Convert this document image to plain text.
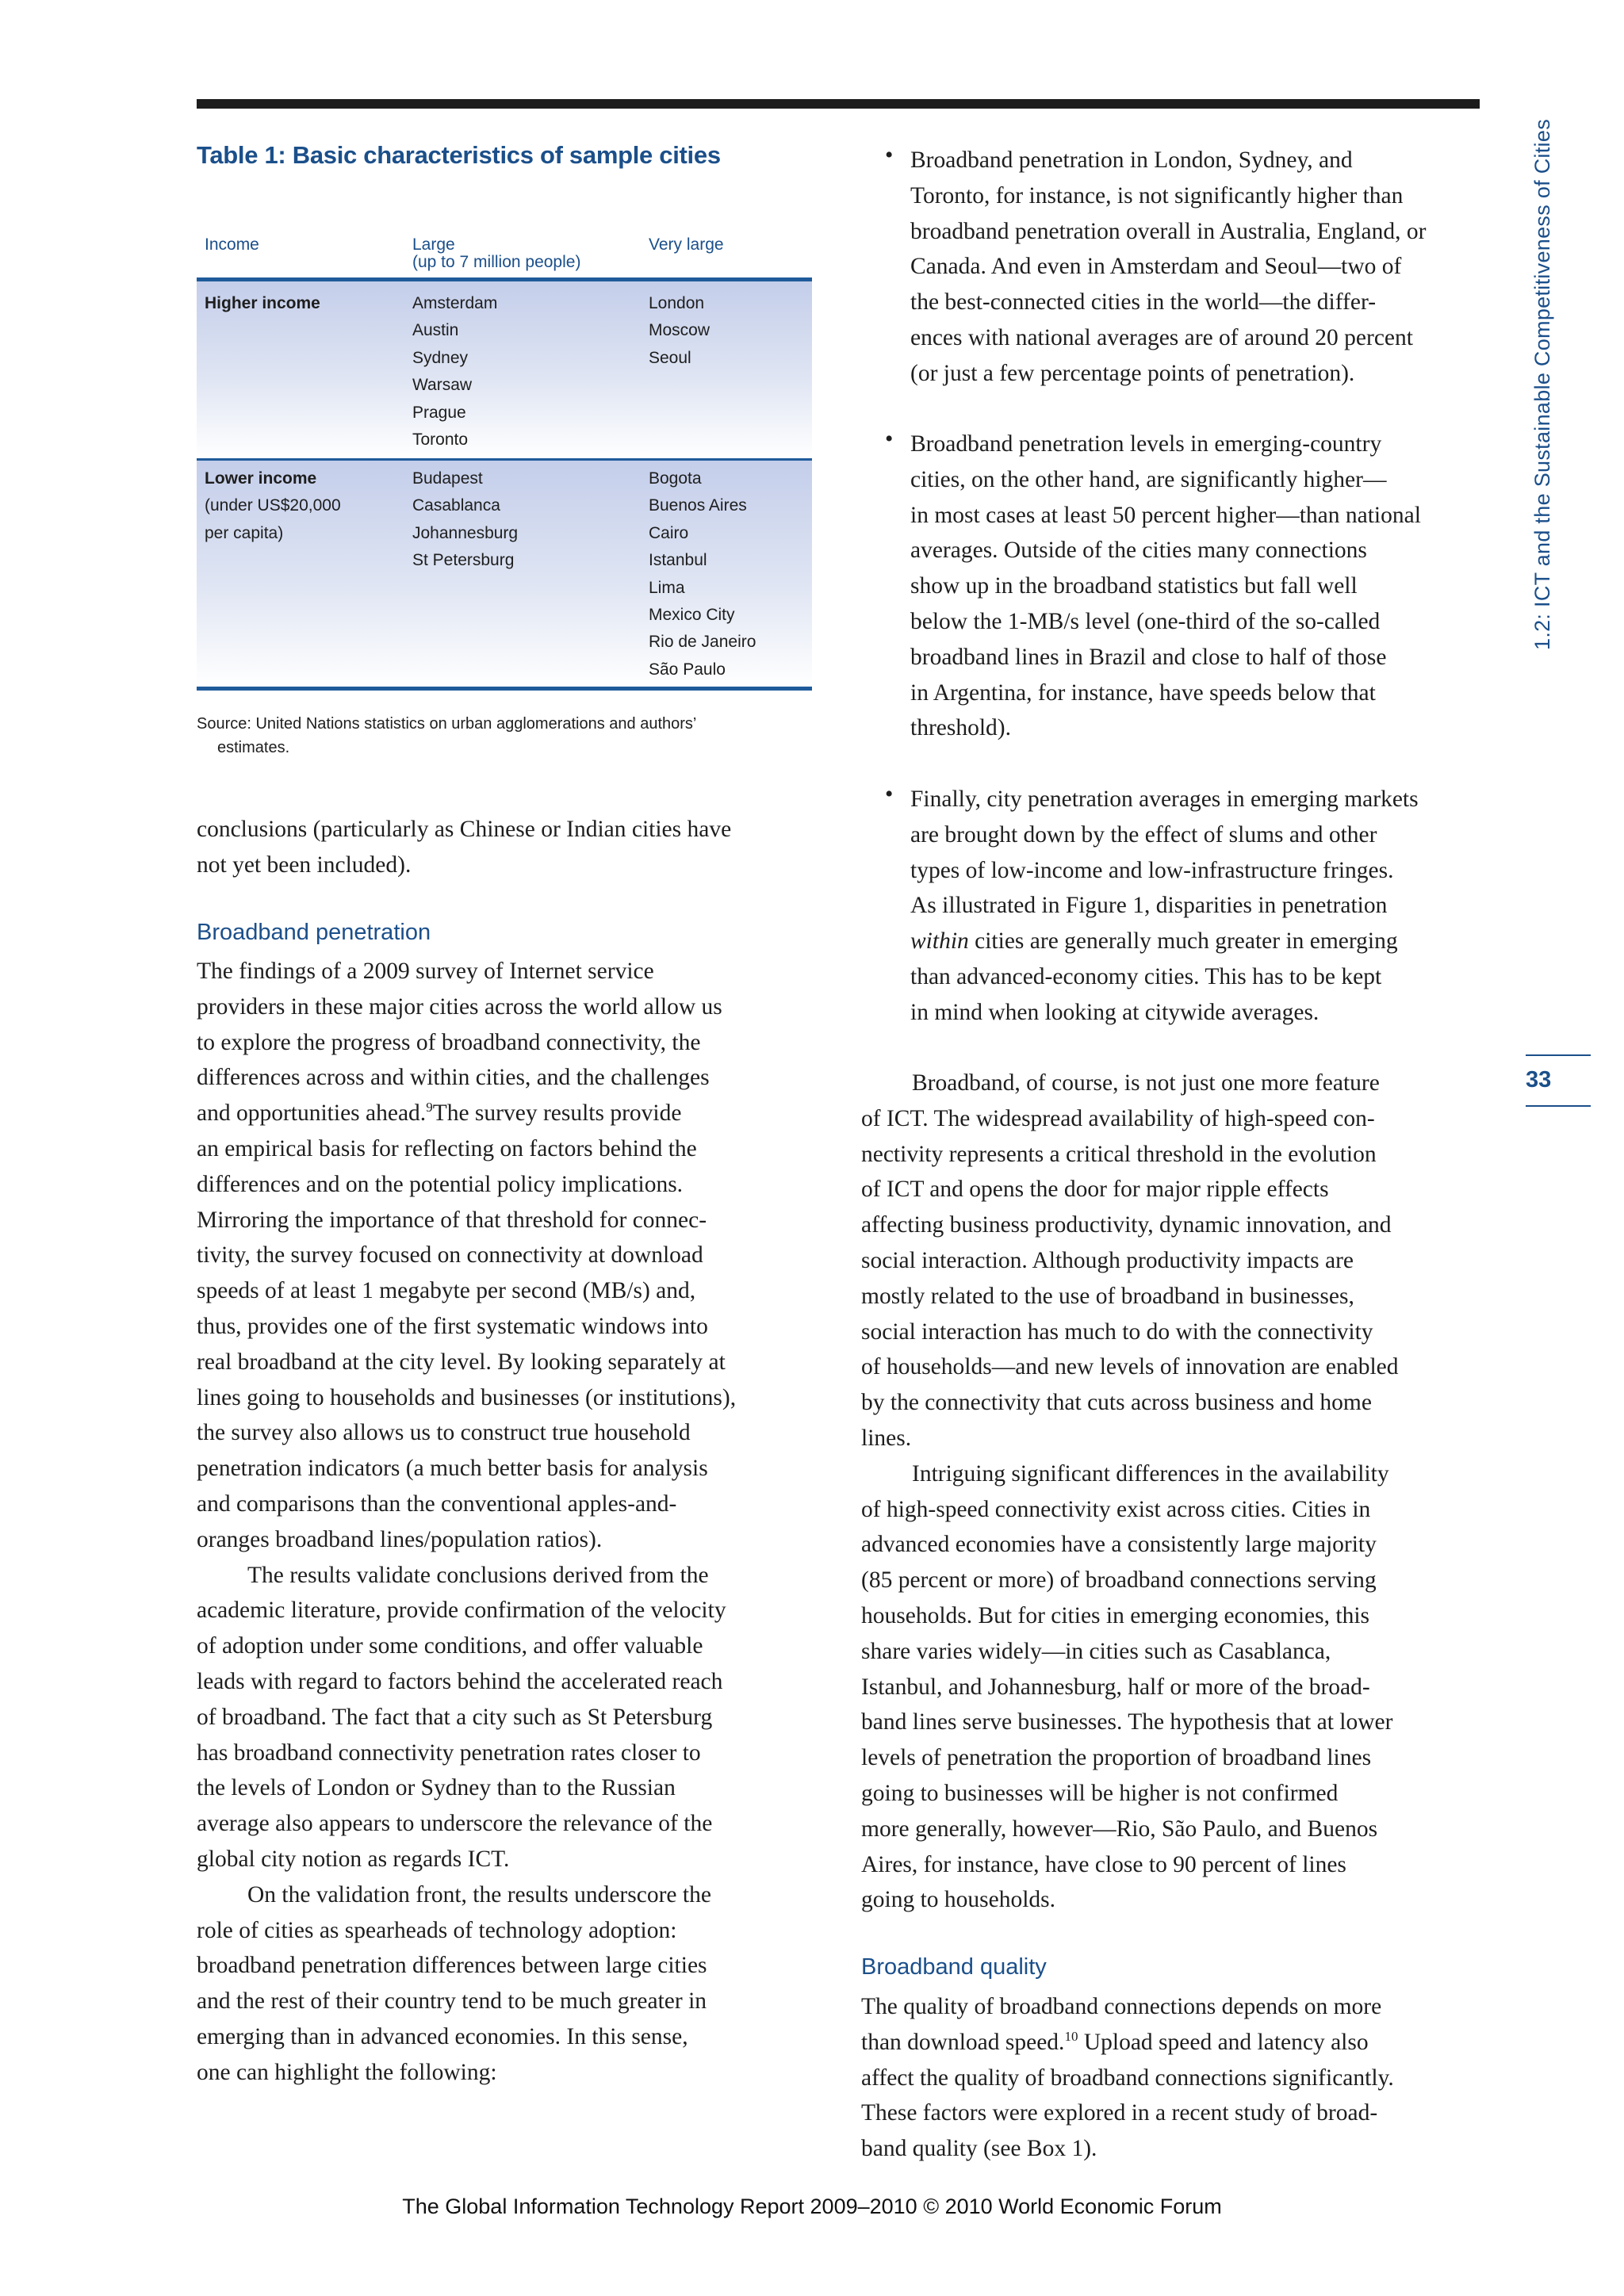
Table 1: Basic characteristics of sample cities
Income	Large
(up to 7 million people)
Very large
Higher income	Amsterdam
Austin
Sydney
Warsaw
Prague
Toronto
London
Moscow
Seoul
Lower income
(under US$20,000
per capita)
Budapest
Casablanca
Johannesburg
St Petersburg
Bogota
Buenos Aires
Cairo
Istanbul
Lima
Mexico City
Rio de Janeiro
São Paulo
Source: United Nations statistics on urban agglomerations and authors’
estimates.
conclusions (particularly as Chinese or Indian cities have
not yet been included).
Broadband penetration
The findings of a 2009 survey of Internet service
providers in these major cities across the world allow us
to explore the progress of broadband connectivity, the
differences across and within cities, and the challenges
and opportunities ahead.$^9$The survey results provide
an empirical basis for reflecting on factors behind the
differences and on the potential policy implications.
Mirroring the importance of that threshold for connec-
tivity, the survey focused on connectivity at download
speeds of at least 1 megabyte per second (MB/s) and,
thus, provides one of the first systematic windows into
real broadband at the city level. By looking separately at
lines going to households and businesses (or institutions),
the survey also allows us to construct true household
penetration indicators (a much better basis for analysis
and comparisons than the conventional apples-and-
oranges broadband lines/population ratios).
The results validate conclusions derived from the
academic literature, provide confirmation of the velocity
of adoption under some conditions, and offer valuable
leads with regard to factors behind the accelerated reach
of broadband. The fact that a city such as St Petersburg
has broadband connectivity penetration rates closer to
the levels of London or Sydney than to the Russian
average also appears to underscore the relevance of the
global city notion as regards ICT.
On the validation front, the results underscore the
role of cities as spearheads of technology adoption:
broadband penetration differences between large cities
and the rest of their country tend to be much greater in
emerging than in advanced economies. In this sense,
one can highlight the following:
• Broadband penetration in London, Sydney, and
Toronto, for instance, is not significantly higher than
broadband penetration overall in Australia, England, or
Canada. And even in Amsterdam and Seoul—two of
the best-connected cities in the world—the differ-
ences with national averages are of around 20 percent
(or just a few percentage points of penetration).
• Broadband penetration levels in emerging-country
cities, on the other hand, are significantly higher—
in most cases at least 50 percent higher—than national
averages. Outside of the cities many connections
show up in the broadband statistics but fall well
below the 1-MB/s level (one-third of the so-called
broadband lines in Brazil and close to half of those
in Argentina, for instance, have speeds below that
threshold).
• Finally, city penetration averages in emerging markets
are brought down by the effect of slums and other
types of low-income and low-infrastructure fringes.
As illustrated in Figure 1, disparities in penetration
within cities are generally much greater in emerging
than advanced-economy cities. This has to be kept
in mind when looking at citywide averages.
Broadband, of course, is not just one more feature
of ICT. The widespread availability of high-speed con-
nectivity represents a critical threshold in the evolution
of ICT and opens the door for major ripple effects
affecting business productivity, dynamic innovation, and
social interaction. Although productivity impacts are
mostly related to the use of broadband in businesses,
social interaction has much to do with the connectivity
of households—and new levels of innovation are enabled
by the connectivity that cuts across business and home
lines.
Intriguing significant differences in the availability
of high-speed connectivity exist across cities. Cities in
advanced economies have a consistently large majority
(85 percent or more) of broadband connections serving
households. But for cities in emerging economies, this
share varies widely—in cities such as Casablanca,
Istanbul, and Johannesburg, half or more of the broad-
band lines serve businesses. The hypothesis that at lower
levels of penetration the proportion of broadband lines
going to businesses will be higher is not confirmed
more generally, however—Rio, São Paulo, and Buenos
Aires, for instance, have close to 90 percent of lines
going to households.
Broadband quality
The quality of broadband connections depends on more
than download speed.$^{10}$ Upload speed and latency also
affect the quality of broadband connections significantly.
These factors were explored in a recent study of broad-
band quality (see Box 1).
1.2: ICT and the Sustainable Competitiveness of Cities
33
The Global Information Technology Report 2009–2010 © 2010 World Economic Forum
